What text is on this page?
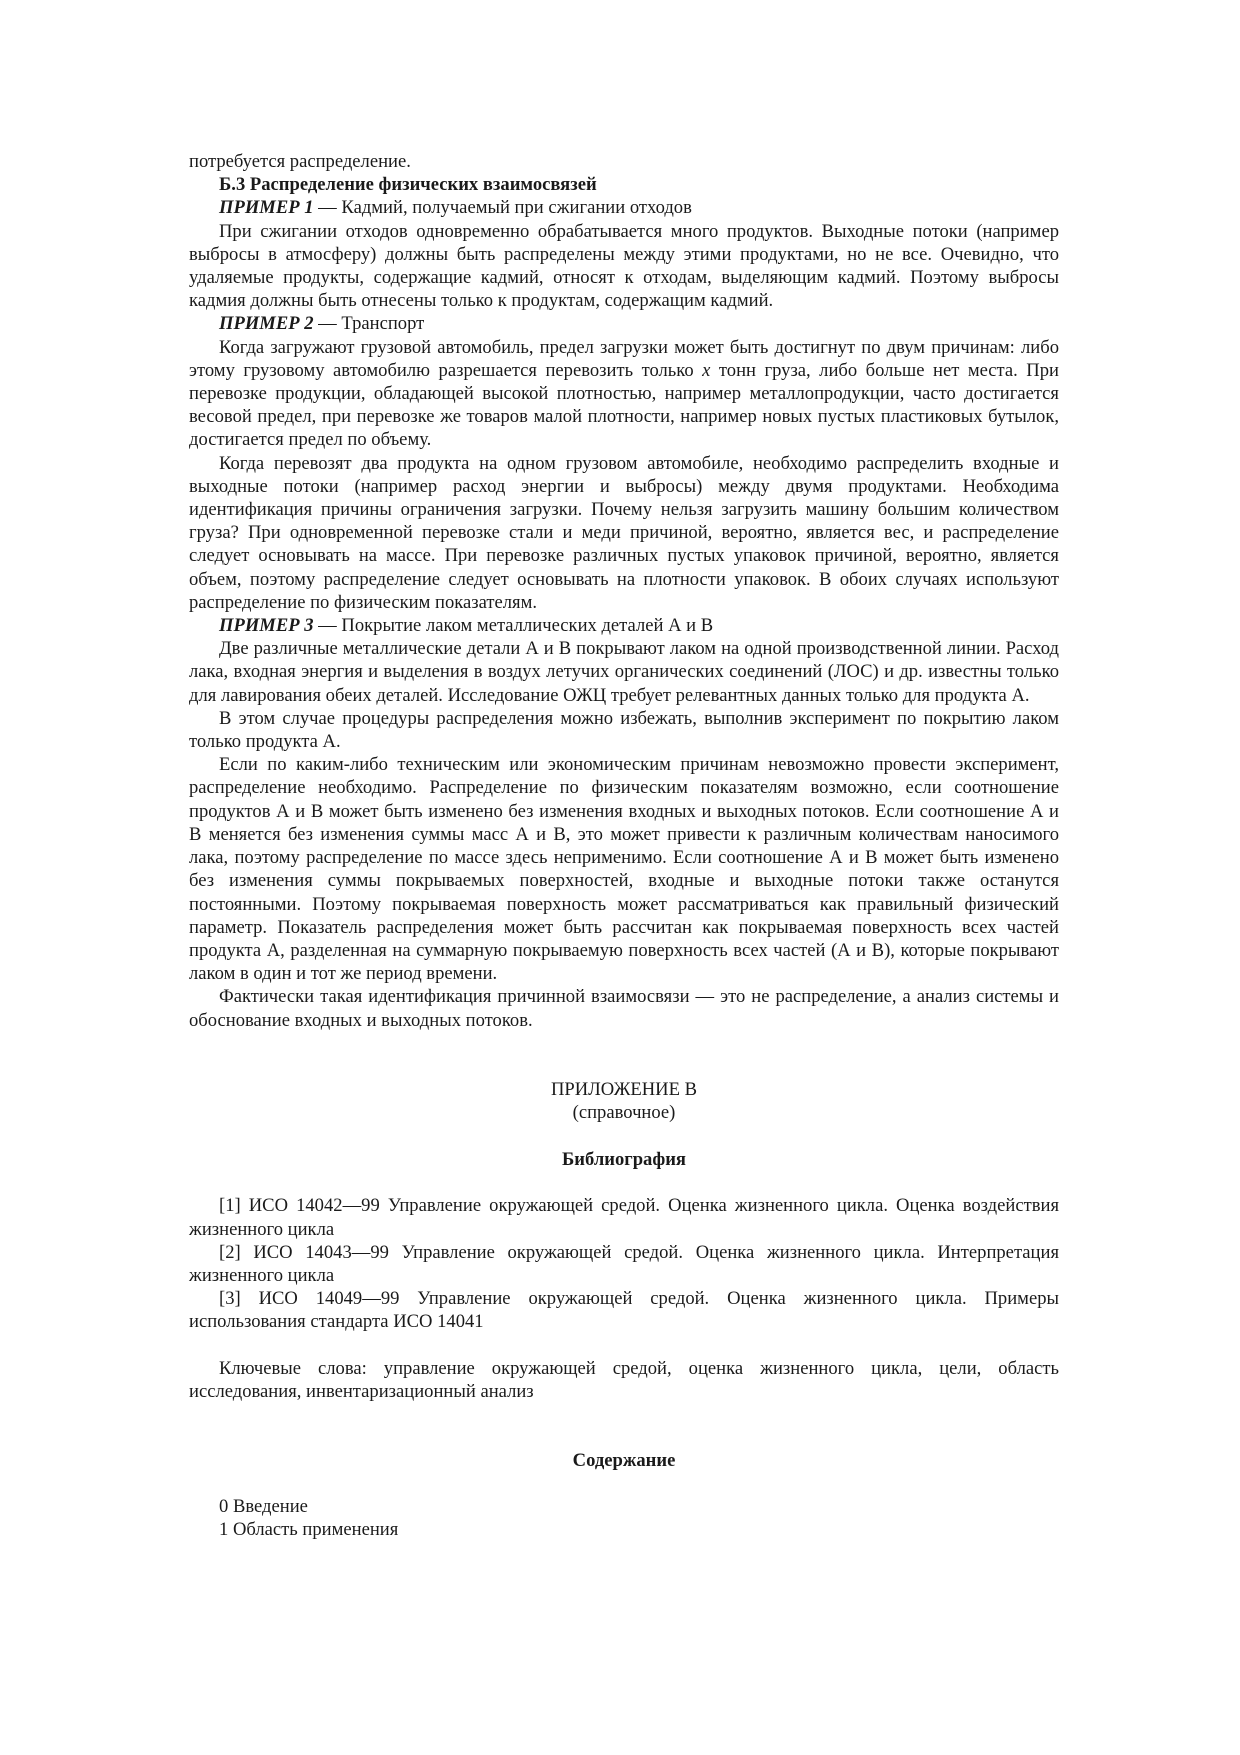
потребуется распределение.

Б.3 Распределение физических взаимосвязей

ПРИМЕР 1 — Кадмий, получаемый при сжигании отходов

При сжигании отходов одновременно обрабатывается много продуктов. Выходные потоки (например выбросы в атмосферу) должны быть распределены между этими продуктами, но не все. Очевидно, что удаляемые продукты, содержащие кадмий, относят к отходам, выделяющим кадмий. Поэтому выбросы кадмия должны быть отнесены только к продуктам, содержащим кадмий.

ПРИМЕР 2 — Транспорт

Когда загружают грузовой автомобиль, предел загрузки может быть достигнут по двум причинам: либо этому грузовому автомобилю разрешается перевозить только x тонн груза, либо больше нет места. При перевозке продукции, обладающей высокой плотностью, например металлопродукции, часто достигается весовой предел, при перевозке же товаров малой плотности, например новых пустых пластиковых бутылок, достигается предел по объему.

Когда перевозят два продукта на одном грузовом автомобиле, необходимо распределить входные и выходные потоки (например расход энергии и выбросы) между двумя продуктами. Необходима идентификация причины ограничения загрузки. Почему нельзя загрузить машину большим количеством груза? При одновременной перевозке стали и меди причиной, вероятно, является вес, и распределение следует основывать на массе. При перевозке различных пустых упаковок причиной, вероятно, является объем, поэтому распределение следует основывать на плотности упаковок. В обоих случаях используют распределение по физическим показателям.

ПРИМЕР 3 — Покрытие лаком металлических деталей А и В

Две различные металлические детали А и В покрывают лаком на одной производственной линии. Расход лака, входная энергия и выделения в воздух летучих органических соединений (ЛОС) и др. известны только для лавирования обеих деталей. Исследование ОЖЦ требует релевантных данных только для продукта А.

В этом случае процедуры распределения можно избежать, выполнив эксперимент по покрытию лаком только продукта А.

Если по каким-либо техническим или экономическим причинам невозможно провести эксперимент, распределение необходимо. Распределение по физическим показателям возможно, если соотношение продуктов А и В может быть изменено без изменения входных и выходных потоков. Если соотношение А и В меняется без изменения суммы масс А и В, это может привести к различным количествам наносимого лака, поэтому распределение по массе здесь неприменимо. Если соотношение А и В может быть изменено без изменения суммы покрываемых поверхностей, входные и выходные потоки также останутся постоянными. Поэтому покрываемая поверхность может рассматриваться как правильный физический параметр. Показатель распределения может быть рассчитан как покрываемая поверхность всех частей продукта А, разделенная на суммарную покрываемую поверхность всех частей (А и В), которые покрывают лаком в один и тот же период времени.

Фактически такая идентификация причинной взаимосвязи — это не распределение, а анализ системы и обоснование входных и выходных потоков.

ПРИЛОЖЕНИЕ В

(справочное)

Библиография

[1] ИСО 14042—99 Управление окружающей средой. Оценка жизненного цикла. Оценка воздействия жизненного цикла

[2] ИСО 14043—99 Управление окружающей средой. Оценка жизненного цикла. Интерпретация жизненного цикла

[3] ИСО 14049—99 Управление окружающей средой. Оценка жизненного цикла. Примеры использования стандарта ИСО 14041

Ключевые слова: управление окружающей средой, оценка жизненного цикла, цели, область исследования, инвентаризационный анализ

Содержание

0 Введение

1 Область применения
